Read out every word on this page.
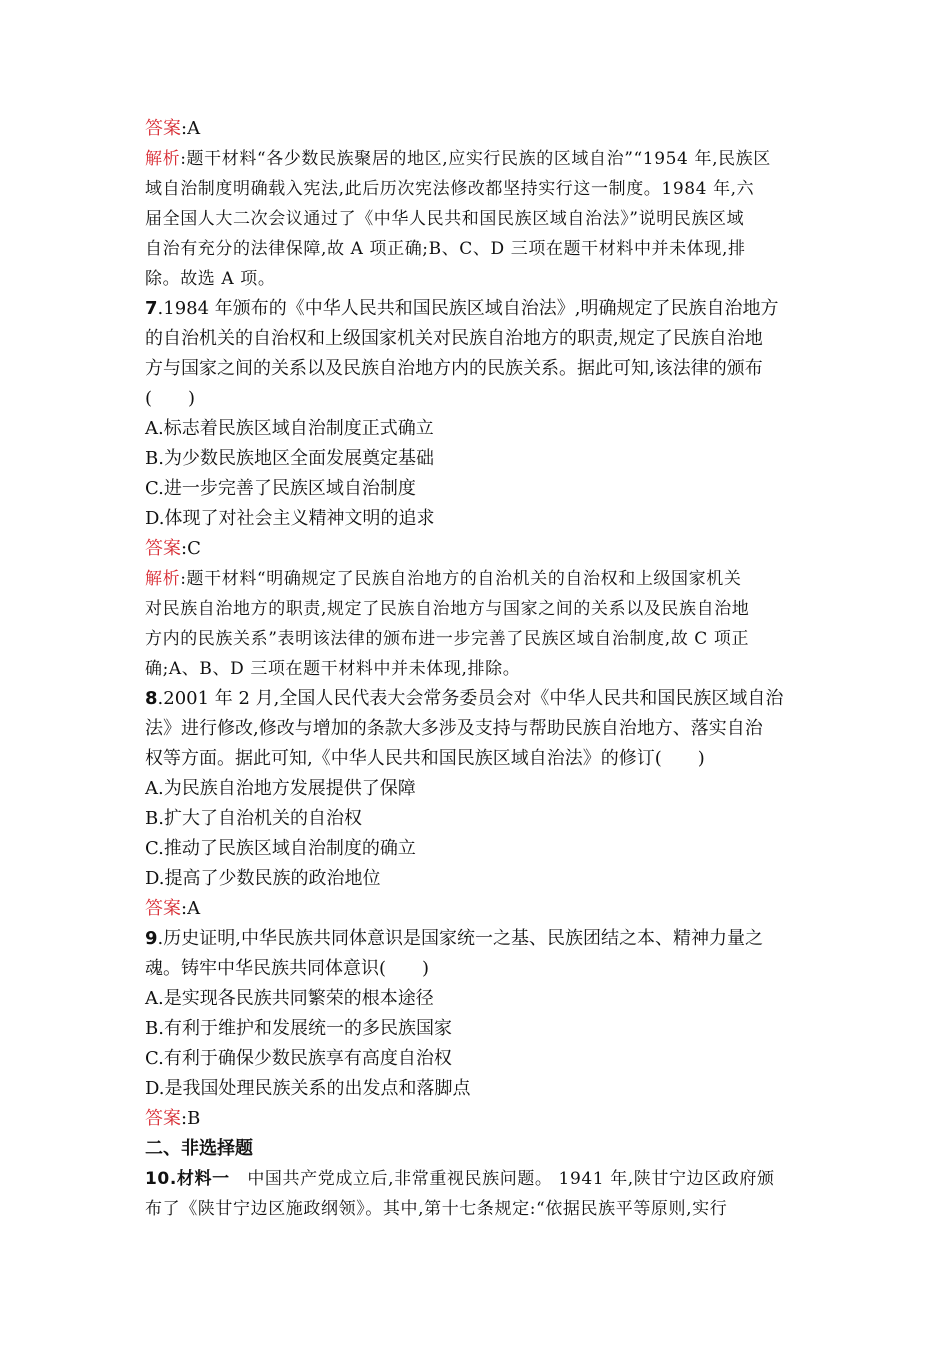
答案:A
解析:题干材料“各少数民族聚居的地区,应实行民族的区域自治”“1954 年,民族区
域自治制度明确载入宪法,此后历次宪法修改都坚持实行这一制度。1984 年,六
届全国人大二次会议通过了《中华人民共和国民族区域自治法》”说明民族区域
自治有充分的法律保障,故 A 项正确;B、C、D 三项在题干材料中并未体现,排
除。故选 A 项。
7.1984 年颁布的《中华人民共和国民族区域自治法》,明确规定了民族自治地方
的自治机关的自治权和上级国家机关对民族自治地方的职责,规定了民族自治地
方与国家之间的关系以及民族自治地方内的民族关系。据此可知,该法律的颁布
(　　)
A.标志着民族区域自治制度正式确立
B.为少数民族地区全面发展奠定基础
C.进一步完善了民族区域自治制度
D.体现了对社会主义精神文明的追求
答案:C
解析:题干材料“明确规定了民族自治地方的自治机关的自治权和上级国家机关
对民族自治地方的职责,规定了民族自治地方与国家之间的关系以及民族自治地
方内的民族关系”表明该法律的颁布进一步完善了民族区域自治制度,故 C 项正
确;A、B、D 三项在题干材料中并未体现,排除。
8.2001 年 2 月,全国人民代表大会常务委员会对《中华人民共和国民族区域自治
法》进行修改,修改与增加的条款大多涉及支持与帮助民族自治地方、落实自治
权等方面。据此可知,《中华人民共和国民族区域自治法》的修订(　　)
A.为民族自治地方发展提供了保障
B.扩大了自治机关的自治权
C.推动了民族区域自治制度的确立
D.提高了少数民族的政治地位
答案:A
9.历史证明,中华民族共同体意识是国家统一之基、民族团结之本、精神力量之
魂。铸牢中华民族共同体意识(　　)
A.是实现各民族共同繁荣的根本途径
B.有利于维护和发展统一的多民族国家
C.有利于确保少数民族享有高度自治权
D.是我国处理民族关系的出发点和落脚点
答案:B
二、非选择题
10.材料一　中国共产党成立后,非常重视民族问题。 1941 年,陕甘宁边区政府颁
布了《陕甘宁边区施政纲领》。其中,第十七条规定:“依据民族平等原则,实行
